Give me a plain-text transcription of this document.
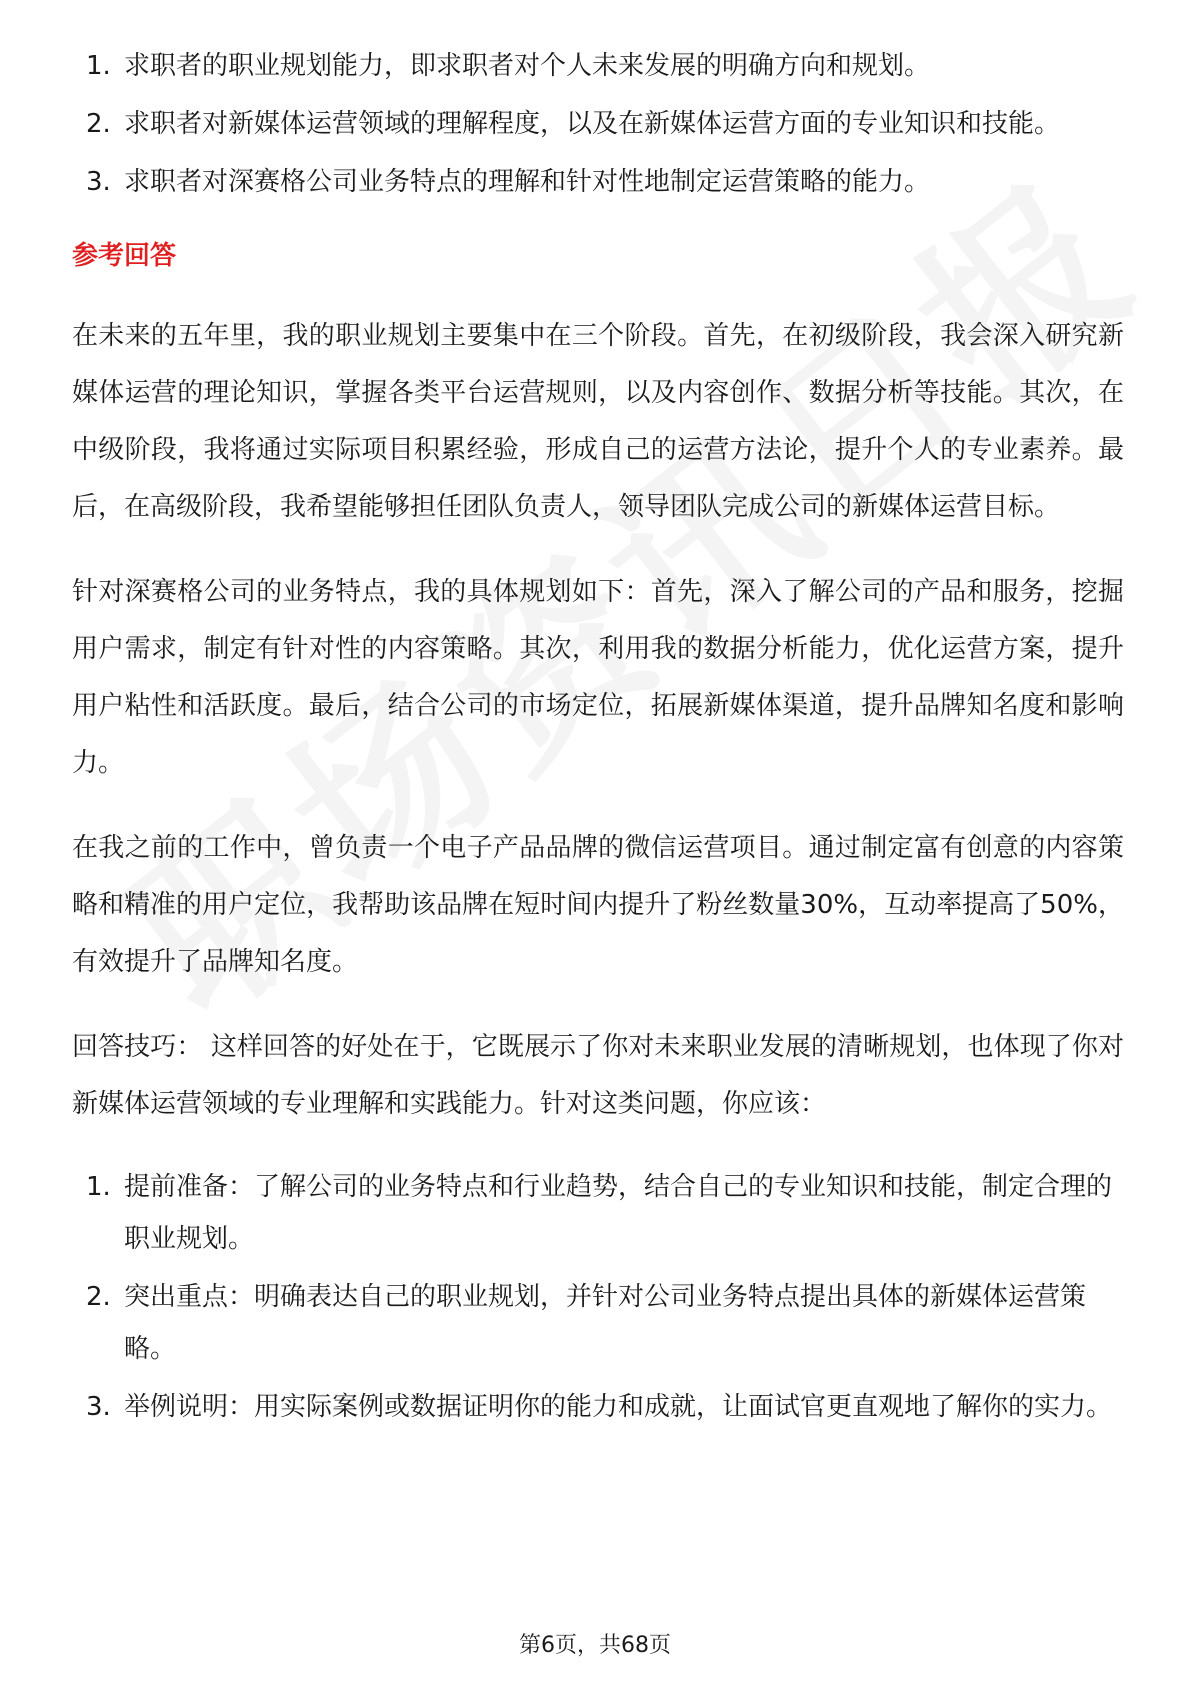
1. 求职者的职业规划能力，即求职者对个人未来发展的明确方向和规划。
2. 求职者对新媒体运营领域的理解程度，以及在新媒体运营方面的专业知识和技能。
3. 求职者对深赛格公司业务特点的理解和针对性地制定运营策略的能力。
参考回答

在未来的五年里，我的职业规划主要集中在三个阶段。首先，在初级阶段，我会深入研究新媒体运营的理论知识，掌握各类平台运营规则，以及内容创作、数据分析等技能。其次，在中级阶段，我将通过实际项目积累经验，形成自己的运营方法论，提升个人的专业素养。最后，在高级阶段，我希望能够担任团队负责人，领导团队完成公司的新媒体运营目标。

针对深赛格公司的业务特点，我的具体规划如下：首先，深入了解公司的产品和服务，挖掘用户需求，制定有针对性的内容策略。其次，利用我的数据分析能力，优化运营方案，提升用户粘性和活跃度。最后，结合公司的市场定位，拓展新媒体渠道，提升品牌知名度和影响力。

在我之前的工作中，曾负责一个电子产品品牌的微信运营项目。通过制定富有创意的内容策略和精准的用户定位，我帮助该品牌在短时间内提升了粉丝数量30%，互动率提高了50%，有效提升了品牌知名度。

回答技巧： 这样回答的好处在于，它既展示了你对未来职业发展的清晰规划，也体现了你对新媒体运营领域的专业理解和实践能力。针对这类问题，你应该：

1. 提前准备：了解公司的业务特点和行业趋势，结合自己的专业知识和技能，制定合理的职业规划。
2. 突出重点：明确表达自己的职业规划，并针对公司业务特点提出具体的新媒体运营策略。
3. 举例说明：用实际案例或数据证明你的能力和成就，让面试官更直观地了解你的实力。
第6页，共68页
